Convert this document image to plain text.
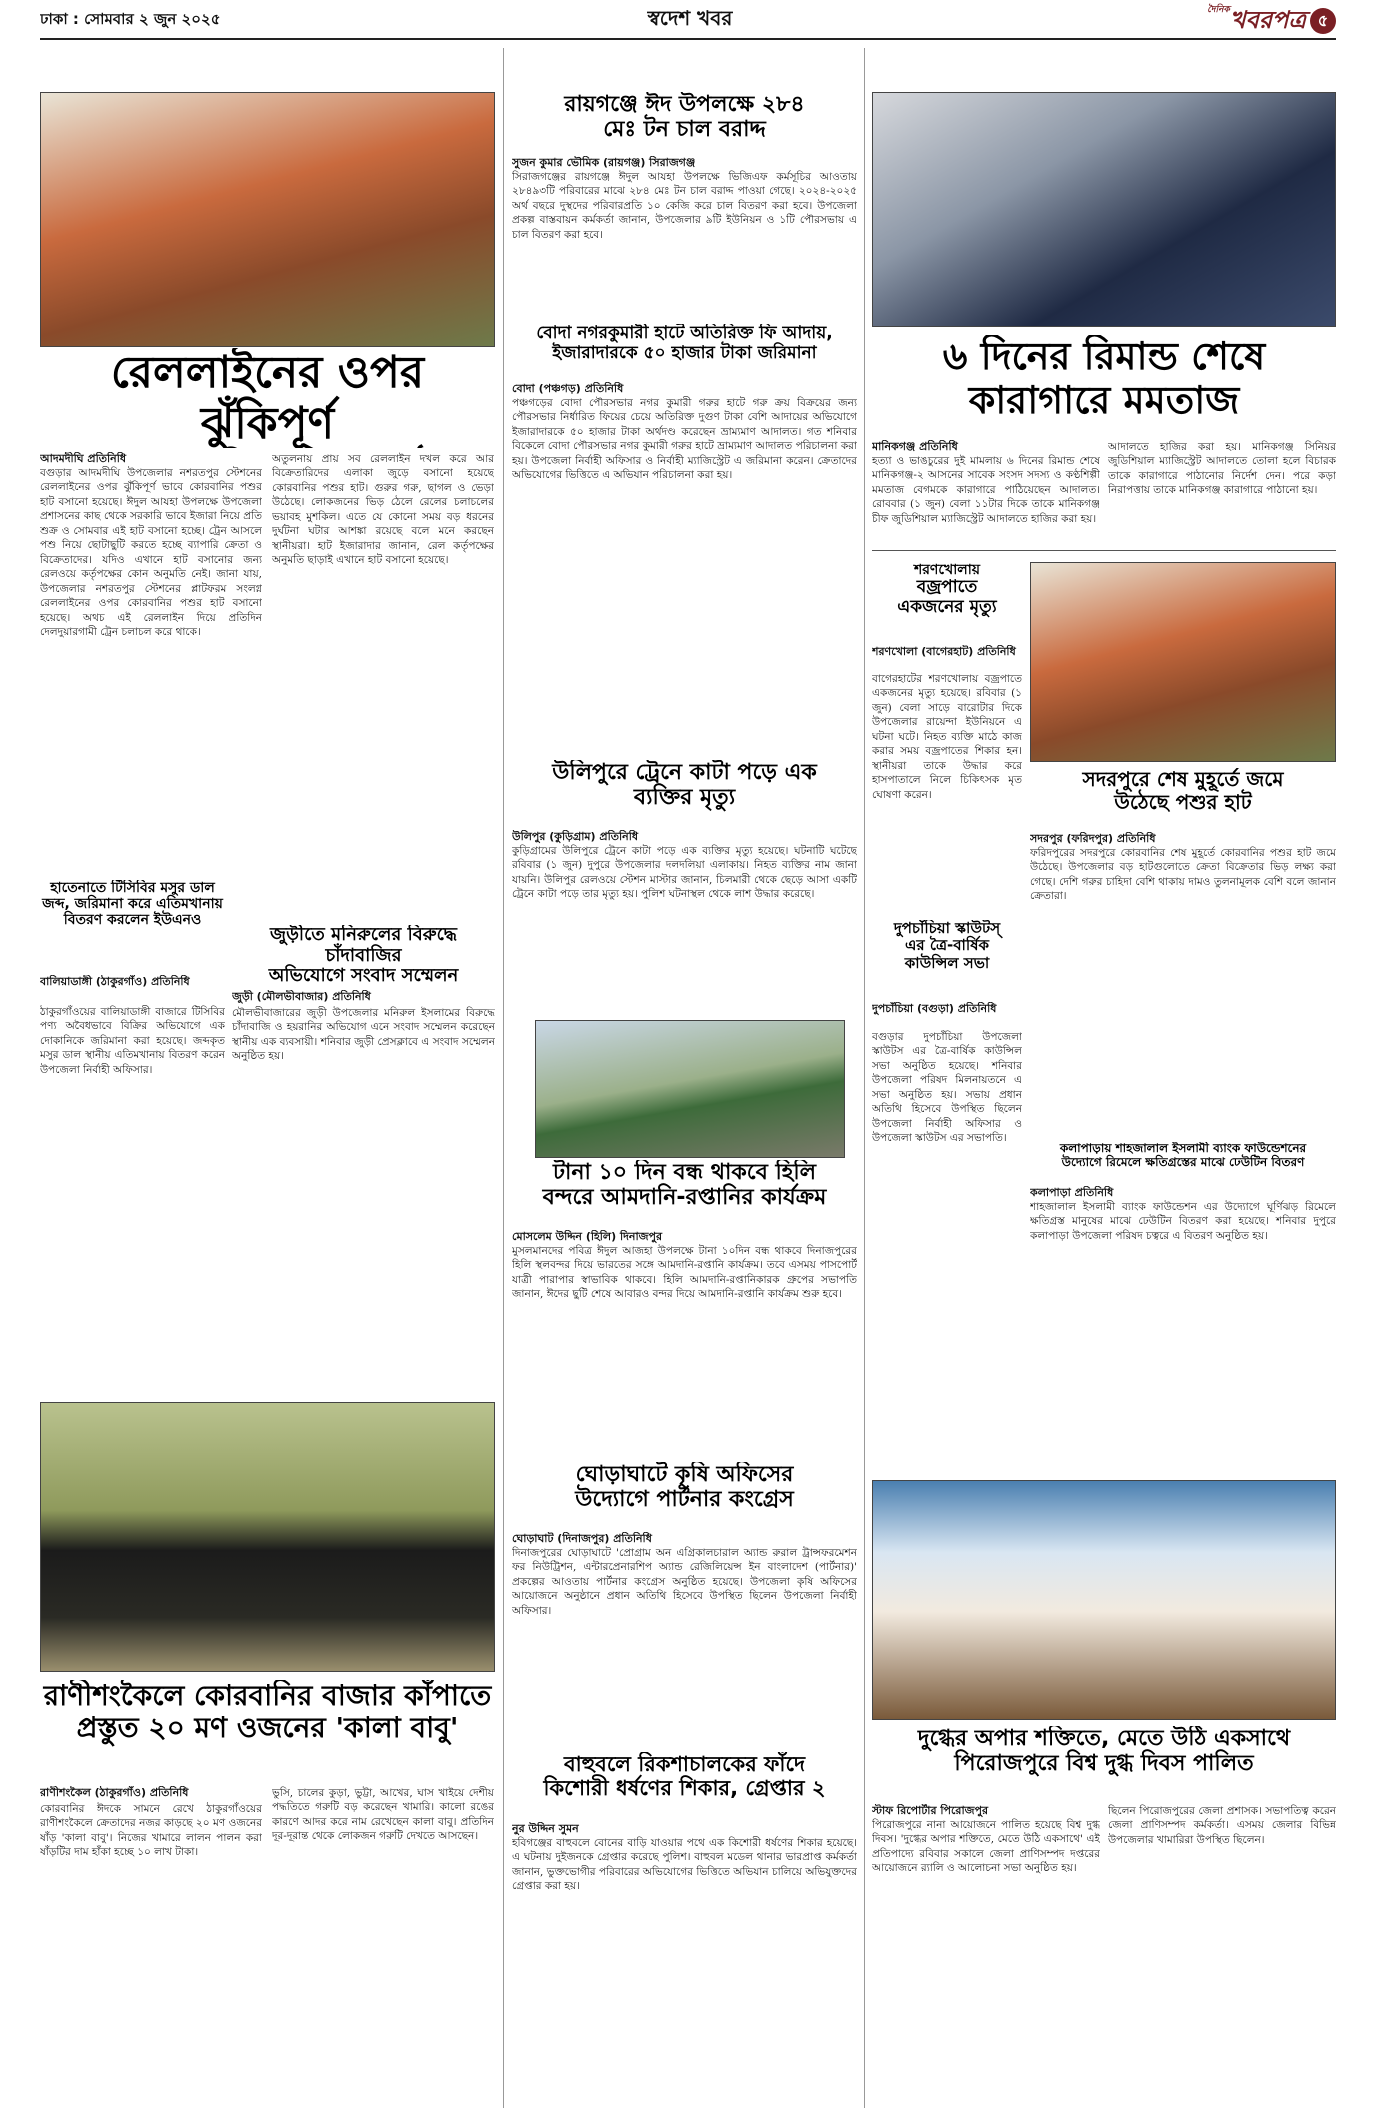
ঢাকা : সোমবার ২ জুন ২০২৫	স্বদেশ খবর	$^{দৈনিক}$খবরপত্র ৫
রেললাইনের ওপর ঝুঁকিপূর্ণ
আদমদীঘি প্রতিনিধি
বগুড়ার আদমদীঘি উপজেলার নশরতপুর স্টেশনের রেললাইনের ওপর ঝুঁকিপূর্ণ ভাবে কোরবানির পশুর হাট বসানো হয়েছে। ঈদুল আযহা উপলক্ষে উপজেলা প্রশাসনের কাছ থেকে সরকারি ভাবে ইজারা নিয়ে প্রতি শুক্র ও সোমবার এই হাট বসানো হচ্ছে। ট্রেন আসলে পশু নিয়ে ছোটাছুটি করতে হচ্ছে ব্যাপারি ক্রেতা ও বিক্রেতাদের। যদিও এখানে হাট বসানোর জন্য রেলওয়ে কর্তৃপক্ষের কোন অনুমতি নেই। জানা যায়, উপজেলার নশরতপুর স্টেশনের প্লাটফরম সংলগ্ন রেললাইনের ওপর কোরবানির পশুর হাট বসানো হয়েছে। অথচ এই রেললাইন দিয়ে প্রতিদিন দেলদুয়ারগামী ট্রেন চলাচল করে থাকে।
অতুলনায় প্রায় সব রেললাইন দখল করে আর বিক্রেতারিদের এলাকা জুড়ে বসানো হয়েছে কোরবানির পশুর হাট। গুরুর গরু, ছাগল ও ভেড়া উঠেছে। লোকজনের ভিড় ঠেলে রেলের চলাচলের ভয়াবহ মুশকিল। এতে যে কোনো সময় বড় ধরনের দুর্ঘটনা ঘটার আশঙ্কা রয়েছে বলে মনে করছেন স্থানীয়রা। হাট ইজারাদার জানান, রেল কর্তৃপক্ষের অনুমতি ছাড়াই এখানে হাট বসানো হয়েছে।
হাতেনাতে টিসিবির মসুর ডাল
জব্দ, জরিমানা করে এতিমখানায়
বিতরণ করলেন ইউএনও
বালিয়াডাঙ্গী (ঠাকুরগাঁও) প্রতিনিধি
ঠাকুরগাঁওয়ের বালিয়াডাঙ্গী বাজারে টিসিবির পণ্য অবৈধভাবে বিক্রির অভিযোগে এক দোকানিকে জরিমানা করা হয়েছে। জব্দকৃত মসুর ডাল স্থানীয় এতিমখানায় বিতরণ করেন উপজেলা নির্বাহী অফিসার।
জুড়ীতে মনিরুলের বিরুদ্ধে চাঁদাবাজির
অভিযোগে সংবাদ সম্মেলন
জুড়ী (মৌলভীবাজার) প্রতিনিধি
মৌলভীবাজারের জুড়ী উপজেলার মনিরুল ইসলামের বিরুদ্ধে চাঁদাবাজি ও হয়রানির অভিযোগ এনে সংবাদ সম্মেলন করেছেন স্থানীয় এক ব্যবসায়ী। শনিবার জুড়ী প্রেসক্লাবে এ সংবাদ সম্মেলন অনুষ্ঠিত হয়।
রাণীশংকৈলে কোরবানির বাজার কাঁপাতে
প্রস্তুত ২০ মণ ওজনের 'কালা বাবু'
রাণীশংকৈল (ঠাকুরগাঁও) প্রতিনিধি
কোরবানির ঈদকে সামনে রেখে ঠাকুরগাঁওয়ের রাণীশংকৈলে ক্রেতাদের নজর কাড়ছে ২০ মণ ওজনের ষাঁড় 'কালা বাবু'। নিজের খামারে লালন পালন করা ষাঁড়টির দাম হাঁকা হচ্ছে ১০ লাখ টাকা।
ভুসি, চালের কুড়া, ভুট্টা, আখের, ঘাস খাইয়ে দেশীয় পদ্ধতিতে গরুটি বড় করেছেন খামারি। কালো রঙের কারণে আদর করে নাম রেখেছেন কালা বাবু। প্রতিদিন দূর-দূরান্ত থেকে লোকজন গরুটি দেখতে আসছেন।
রায়গঞ্জে ঈদ উপলক্ষে ২৮৪
মেঃ টন চাল বরাদ্দ
সুজন কুমার ভৌমিক (রায়গঞ্জ) সিরাজগঞ্জ
সিরাজগঞ্জের রায়গঞ্জে ঈদুল আযহা উপলক্ষে ভিজিএফ কর্মসূচির আওতায় ২৮৪৯৩টি পরিবারের মাঝে ২৮৪ মেঃ টন চাল বরাদ্দ পাওয়া গেছে। ২০২৪-২০২৫ অর্থ বছরে দুস্থদের পরিবারপ্রতি ১০ কেজি করে চাল বিতরণ করা হবে। উপজেলা প্রকল্প বাস্তবায়ন কর্মকর্তা জানান, উপজেলার ৯টি ইউনিয়ন ও ১টি পৌরসভায় এ চাল বিতরণ করা হবে।
বোদা নগরকুমারী হাটে অতিরিক্ত ফি আদায়,
ইজারাদারকে ৫০ হাজার টাকা জরিমানা
বোদা (পঞ্চগড়) প্রতিনিধি
পঞ্চগড়ের বোদা পৌরসভার নগর কুমারী গরুর হাটে গরু ক্রয় বিক্রয়ের জন্য পৌরসভার নির্ধারিত ফিয়ের চেয়ে অতিরিক্ত দুগুণ টাকা বেশি আদায়ের অভিযোগে ইজারাদারকে ৫০ হাজার টাকা অর্থদণ্ড করেছেন ভ্রাম্যমাণ আদালত। গত শনিবার বিকেলে বোদা পৌরসভার নগর কুমারী গরুর হাটে ভ্রাম্যমাণ আদালত পরিচালনা করা হয়। উপজেলা নির্বাহী অফিসার ও নির্বাহী ম্যাজিস্ট্রেট এ জরিমানা করেন। ক্রেতাদের অভিযোগের ভিত্তিতে এ অভিযান পরিচালনা করা হয়।
উলিপুরে ট্রেনে কাটা পড়ে এক
ব্যক্তির মৃত্যু
উলিপুর (কুড়িগ্রাম) প্রতিনিধি
কুড়িগ্রামের উলিপুরে ট্রেনে কাটা পড়ে এক ব্যক্তির মৃত্যু হয়েছে। ঘটনাটি ঘটেছে রবিবার (১ জুন) দুপুরে উপজেলার দলদলিয়া এলাকায়। নিহত ব্যক্তির নাম জানা যায়নি। উলিপুর রেলওয়ে স্টেশন মাস্টার জানান, চিলমারী থেকে ছেড়ে আসা একটি ট্রেনে কাটা পড়ে তার মৃত্যু হয়। পুলিশ ঘটনাস্থল থেকে লাশ উদ্ধার করেছে।
টানা ১০ দিন বন্ধ থাকবে হিলি
বন্দরে আমদানি-রপ্তানির কার্যক্রম
মোসলেম উদ্দিন (হিলি) দিনাজপুর
মুসলমানদের পবিত্র ঈদুল আজহা উপলক্ষে টানা ১০দিন বন্ধ থাকবে দিনাজপুরের হিলি স্থলবন্দর দিয়ে ভারতের সঙ্গে আমদানি-রপ্তানি কার্যক্রম। তবে এসময় পাসপোর্ট যাত্রী পারাপার স্বাভাবিক থাকবে। হিলি আমদানি-রপ্তানিকারক গ্রুপের সভাপতি জানান, ঈদের ছুটি শেষে আবারও বন্দর দিয়ে আমদানি-রপ্তানি কার্যক্রম শুরু হবে।
ঘোড়াঘাটে কৃষি অফিসের
উদ্যোগে পার্টনার কংগ্রেস
ঘোড়াঘাট (দিনাজপুর) প্রতিনিধি
দিনাজপুরের ঘোড়াঘাটে 'প্রোগ্রাম অন এগ্রিকালচারাল অ্যান্ড রুরাল ট্রান্সফরমেশন ফর নিউট্রিশন, এন্টারপ্রেনারশিপ অ্যান্ড রেজিলিয়েন্স ইন বাংলাদেশ (পার্টনার)' প্রকল্পের আওতায় পার্টনার কংগ্রেস অনুষ্ঠিত হয়েছে। উপজেলা কৃষি অফিসের আয়োজনে অনুষ্ঠানে প্রধান অতিথি হিসেবে উপস্থিত ছিলেন উপজেলা নির্বাহী অফিসার।
বাহুবলে রিকশাচালকের ফাঁদে
কিশোরী ধর্ষণের শিকার, গ্রেপ্তার ২
নুর উদ্দিন সুমন
হবিগঞ্জের বাহুবলে বোনের বাড়ি যাওয়ার পথে এক কিশোরী ধর্ষণের শিকার হয়েছে। এ ঘটনায় দুইজনকে গ্রেপ্তার করেছে পুলিশ। বাহুবল মডেল থানার ভারপ্রাপ্ত কর্মকর্তা জানান, ভুক্তভোগীর পরিবারের অভিযোগের ভিত্তিতে অভিযান চালিয়ে অভিযুক্তদের গ্রেপ্তার করা হয়।
৬ দিনের রিমান্ড শেষে
কারাগারে মমতাজ
মানিকগঞ্জ প্রতিনিধি
হত্যা ও ভাঙচুরের দুই মামলায় ৬ দিনের রিমান্ড শেষে মানিকগঞ্জ-২ আসনের সাবেক সংসদ সদস্য ও কণ্ঠশিল্পী মমতাজ বেগমকে কারাগারে পাঠিয়েছেন আদালত। রোববার (১ জুন) বেলা ১১টার দিকে তাকে মানিকগঞ্জ চীফ জুডিশিয়াল ম্যাজিস্ট্রেট আদালতে হাজির করা হয়।
আদালতে হাজির করা হয়। মানিকগঞ্জ সিনিয়র জুডিশিয়াল ম্যাজিস্ট্রেট আদালতে তোলা হলে বিচারক তাকে কারাগারে পাঠানোর নির্দেশ দেন। পরে কড়া নিরাপত্তায় তাকে মানিকগঞ্জ কারাগারে পাঠানো হয়।
শরণখোলায়
বজ্রপাতে
একজনের মৃত্যু
শরণখোলা (বাগেরহাট) প্রতিনিধি
বাগেরহাটের শরণখোলায় বজ্রপাতে একজনের মৃত্যু হয়েছে। রবিবার (১ জুন) বেলা সাড়ে বারোটার দিকে উপজেলার রায়েন্দা ইউনিয়নে এ ঘটনা ঘটে। নিহত ব্যক্তি মাঠে কাজ করার সময় বজ্রপাতের শিকার হন। স্থানীয়রা তাকে উদ্ধার করে হাসপাতালে নিলে চিকিৎসক মৃত ঘোষণা করেন।
সদরপুরে শেষ মুহূর্তে জমে
উঠেছে পশুর হাট
সদরপুর (ফরিদপুর) প্রতিনিধি
ফরিদপুরের সদরপুরে কোরবানির শেষ মুহূর্তে কোরবানির পশুর হাট জমে উঠেছে। উপজেলার বড় হাটগুলোতে ক্রেতা বিক্রেতার ভিড় লক্ষ্য করা গেছে। দেশি গরুর চাহিদা বেশি থাকায় দামও তুলনামূলক বেশি বলে জানান ক্রেতারা।
দুপচাঁচিয়া স্কাউটস্
এর ত্রৈ-বার্ষিক
কাউন্সিল সভা
দুপচাঁচিয়া (বগুড়া) প্রতিনিধি
বগুড়ার দুপচাঁচিয়া উপজেলা স্কাউটস এর ত্রৈ-বার্ষিক কাউন্সিল সভা অনুষ্ঠিত হয়েছে। শনিবার উপজেলা পরিষদ মিলনায়তনে এ সভা অনুষ্ঠিত হয়। সভায় প্রধান অতিথি হিসেবে উপস্থিত ছিলেন উপজেলা নির্বাহী অফিসার ও উপজেলা স্কাউটস এর সভাপতি।
কলাপাড়ায় শাহজালাল ইসলামী ব্যাংক ফাউন্ডেশনের
উদ্যোগে রিমেলে ক্ষতিগ্রস্তের মাঝে ঢেউটিন বিতরণ
কলাপাড়া প্রতিনিধি
শাহজালাল ইসলামী ব্যাংক ফাউন্ডেশন এর উদ্যোগে ঘূর্ণিঝড় রিমেলে ক্ষতিগ্রস্ত মানুষের মাঝে ঢেউটিন বিতরণ করা হয়েছে। শনিবার দুপুরে কলাপাড়া উপজেলা পরিষদ চত্বরে এ বিতরণ অনুষ্ঠিত হয়।
দুগ্ধের অপার শক্তিতে, মেতে উঠি একসাথে
পিরোজপুরে বিশ্ব দুগ্ধ দিবস পালিত
স্টাফ রিপোর্টার পিরোজপুর
পিরোজপুরে নানা আয়োজনে পালিত হয়েছে বিশ্ব দুগ্ধ দিবস। 'দুগ্ধের অপার শক্তিতে, মেতে উঠি একসাথে' এই প্রতিপাদ্যে রবিবার সকালে জেলা প্রাণিসম্পদ দপ্তরের আয়োজনে র‍্যালি ও আলোচনা সভা অনুষ্ঠিত হয়।
ছিলেন পিরোজপুরের জেলা প্রশাসক। সভাপতিত্ব করেন জেলা প্রাণিসম্পদ কর্মকর্তা। এসময় জেলার বিভিন্ন উপজেলার খামারিরা উপস্থিত ছিলেন।
